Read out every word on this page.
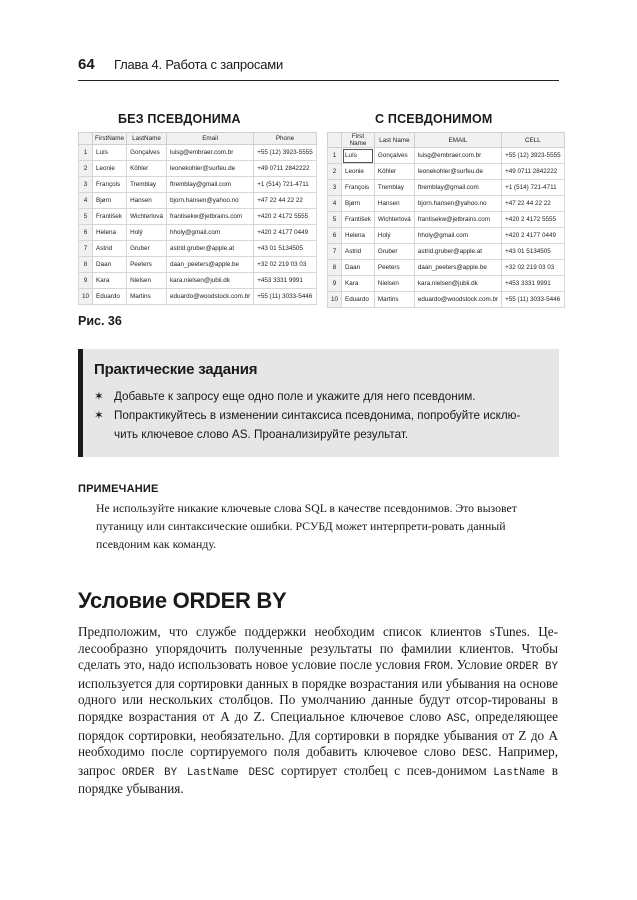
64 Глава 4. Работа с запросами
БЕЗ ПСЕВДОНИМА	С ПСЕВДОНИМОМ
	FirstName	LastName	Email	Phone
1	Luís	Gonçalves	luisg@embraer.com.br	+55 (12) 3923-5555
2	Leonie	Köhler	leonekohler@surfeu.de	+49 0711 2842222
3	François	Tremblay	ftremblay@gmail.com	+1 (514) 721-4711
4	Bjørn	Hansen	bjorn.hansen@yahoo.no	+47 22 44 22 22
5	František	Wichterlová	frantisekw@jetbrains.com	+420 2 4172 5555
6	Helena	Holý	hholy@gmail.com	+420 2 4177 0449
7	Astrid	Gruber	astrid.gruber@apple.at	+43 01 5134505
8	Daan	Peeters	daan_peeters@apple.be	+32 02 219 03 03
9	Kara	Nielsen	kara.nielsen@jubii.dk	+453 3331 9991
10	Eduardo	Martins	eduardo@woodstock.com.br	+55 (11) 3033-5446
	First Name	Last Name	EMAIL	CELL
1	Luís	Gonçalves	luisg@embraer.com.br	+55 (12) 3923-5555
2	Leonie	Köhler	leonekohler@surfeu.de	+49 0711 2842222
3	François	Tremblay	ftremblay@gmail.com	+1 (514) 721-4711
4	Bjørn	Hansen	bjorn.hansen@yahoo.no	+47 22 44 22 22
5	František	Wichterlová	frantisekw@jetbrains.com	+420 2 4172 5555
6	Helena	Holý	hholy@gmail.com	+420 2 4177 0449
7	Astrid	Gruber	astrid.gruber@apple.at	+43 01 5134505
8	Daan	Peeters	daan_peeters@apple.be	+32 02 219 03 03
9	Kara	Nielsen	kara.nielsen@jubii.dk	+453 3331 9991
10	Eduardo	Martins	eduardo@woodstock.com.br	+55 (11) 3033-5446
Рис. 36
Практические задания
✶ Добавьте к запросу еще одно поле и укажите для него псевдоним.
✶ Попрактикуйтесь в изменении синтаксиса псевдонима, попробуйте исклю-чить ключевое слово AS. Проанализируйте результат.
ПРИМЕЧАНИЕ
Не используйте никакие ключевые слова SQL в качестве псевдонимов. Это вызовет путаницу или синтаксические ошибки. РСУБД может интерпрети-ровать данный псевдоним как команду.
Условие ORDER BY
Предположим, что службе поддержки необходим список клиентов sTunes. Це-лесообразно упорядочить полученные результаты по фамилии клиентов. Чтобы сделать это, надо использовать новое условие после условия FROM. Условие ORDER BY используется для сортировки данных в порядке возрастания или убывания на основе одного или нескольких столбцов. По умолчанию данные будут отсор-тированы в порядке возрастания от A до Z. Специальное ключевое слово ASC, определяющее порядок сортировки, необязательно. Для сортировки в порядке убывания от Z до A необходимо после сортируемого поля добавить ключевое слово DESC. Например, запрос ORDER BY LastName DESC сортирует столбец с псев-донимом LastName в порядке убывания.
